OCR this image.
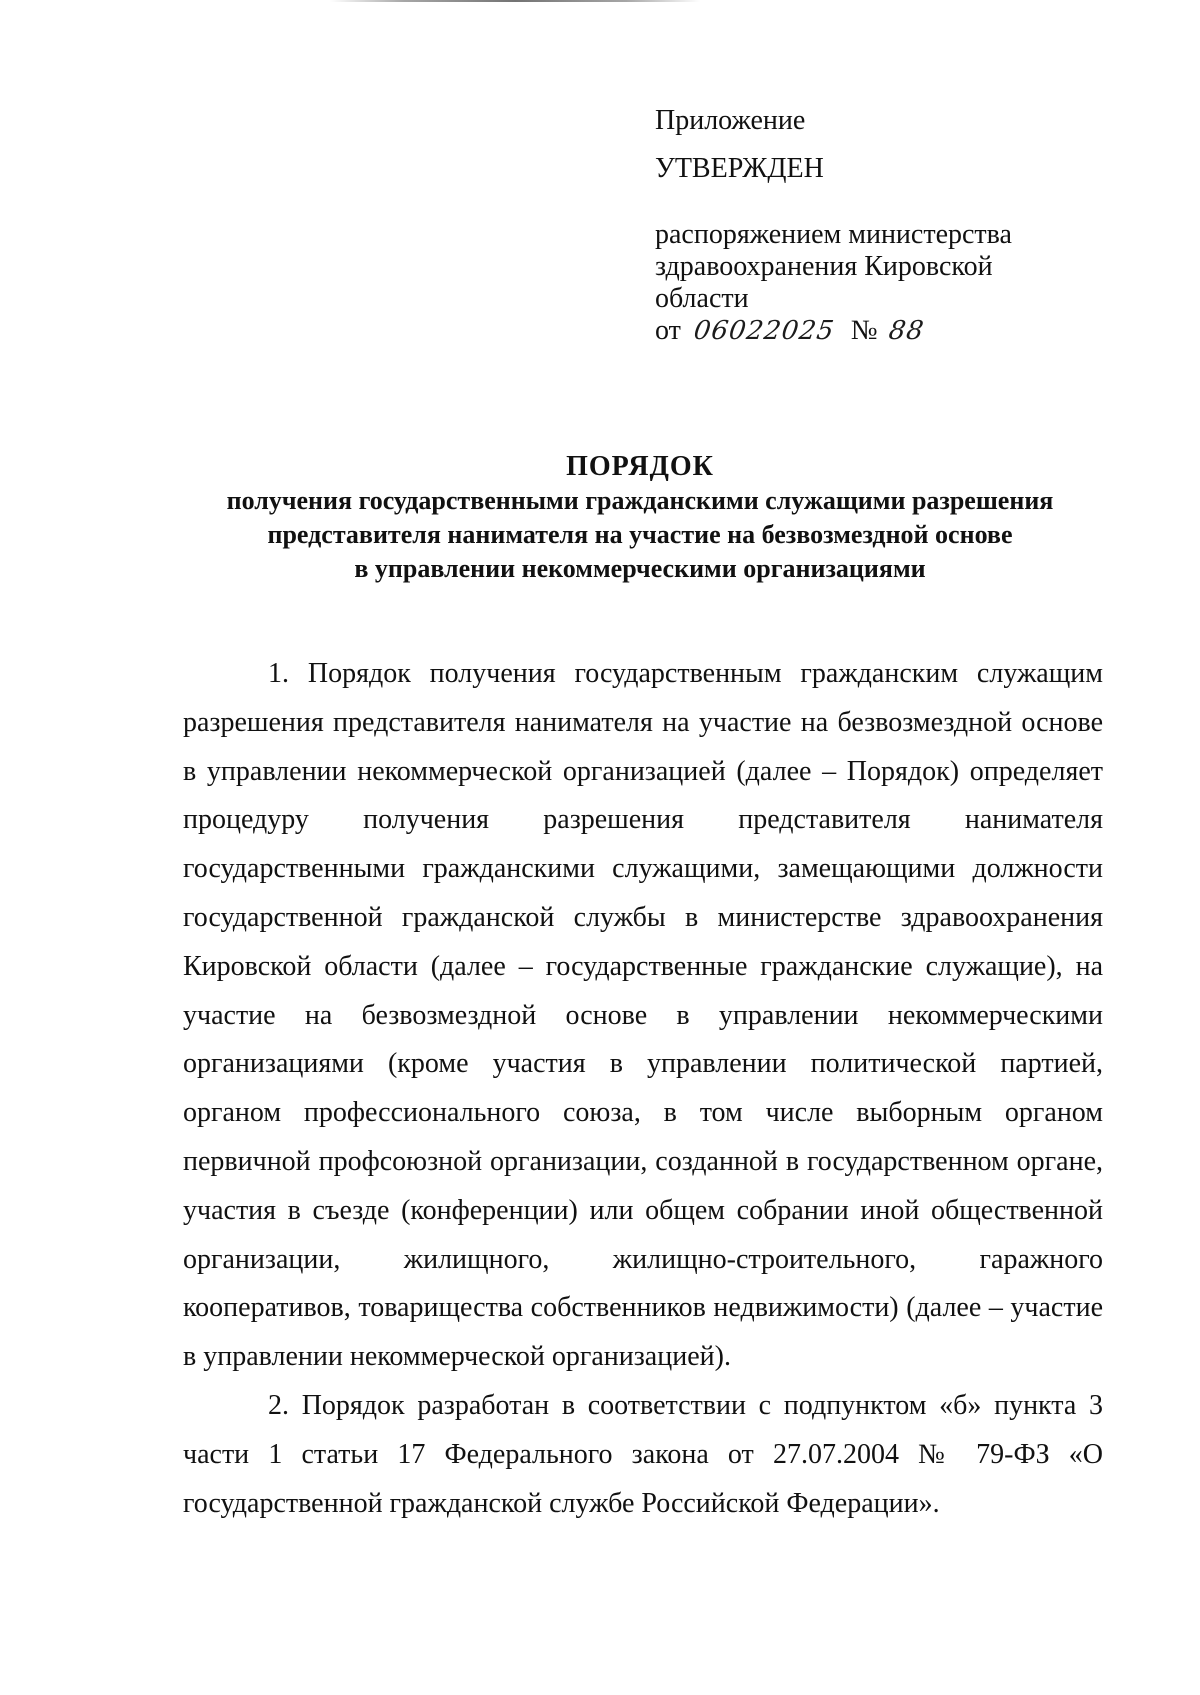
Приложение
УТВЕРЖДЕН
распоряжением министерства
здравоохранения Кировской
области
от 06022025 № 88
ПОРЯДОК
получения государственными гражданскими служащими разрешения
представителя нанимателя на участие на безвозмездной основе
в управлении некоммерческими организациями

1. Порядок получения государственным гражданским служащим разрешения представителя нанимателя на участие на безвозмездной основе в управлении некоммерческой организацией (далее – Порядок) определяет процедуру получения разрешения представителя нанимателя государственными гражданскими служащими, замещающими должности государственной гражданской службы в министерстве здравоохранения Кировской области (далее – государственные гражданские служащие), на участие на безвозмездной основе в управлении некоммерческими организациями (кроме участия в управлении политической партией, органом профессионального союза, в том числе выборным органом первичной профсоюзной организации, созданной в государственном органе, участия в съезде (конференции) или общем собрании иной общественной организации, жилищного, жилищно-строительного, гаражного кооперативов, товарищества собственников недвижимости) (далее – участие в управлении некоммерческой организацией).

2. Порядок разработан в соответствии с подпунктом «б» пункта 3 части 1 статьи 17 Федерального закона от 27.07.2004 № 79-ФЗ «О государственной гражданской службе Российской Федерации».
